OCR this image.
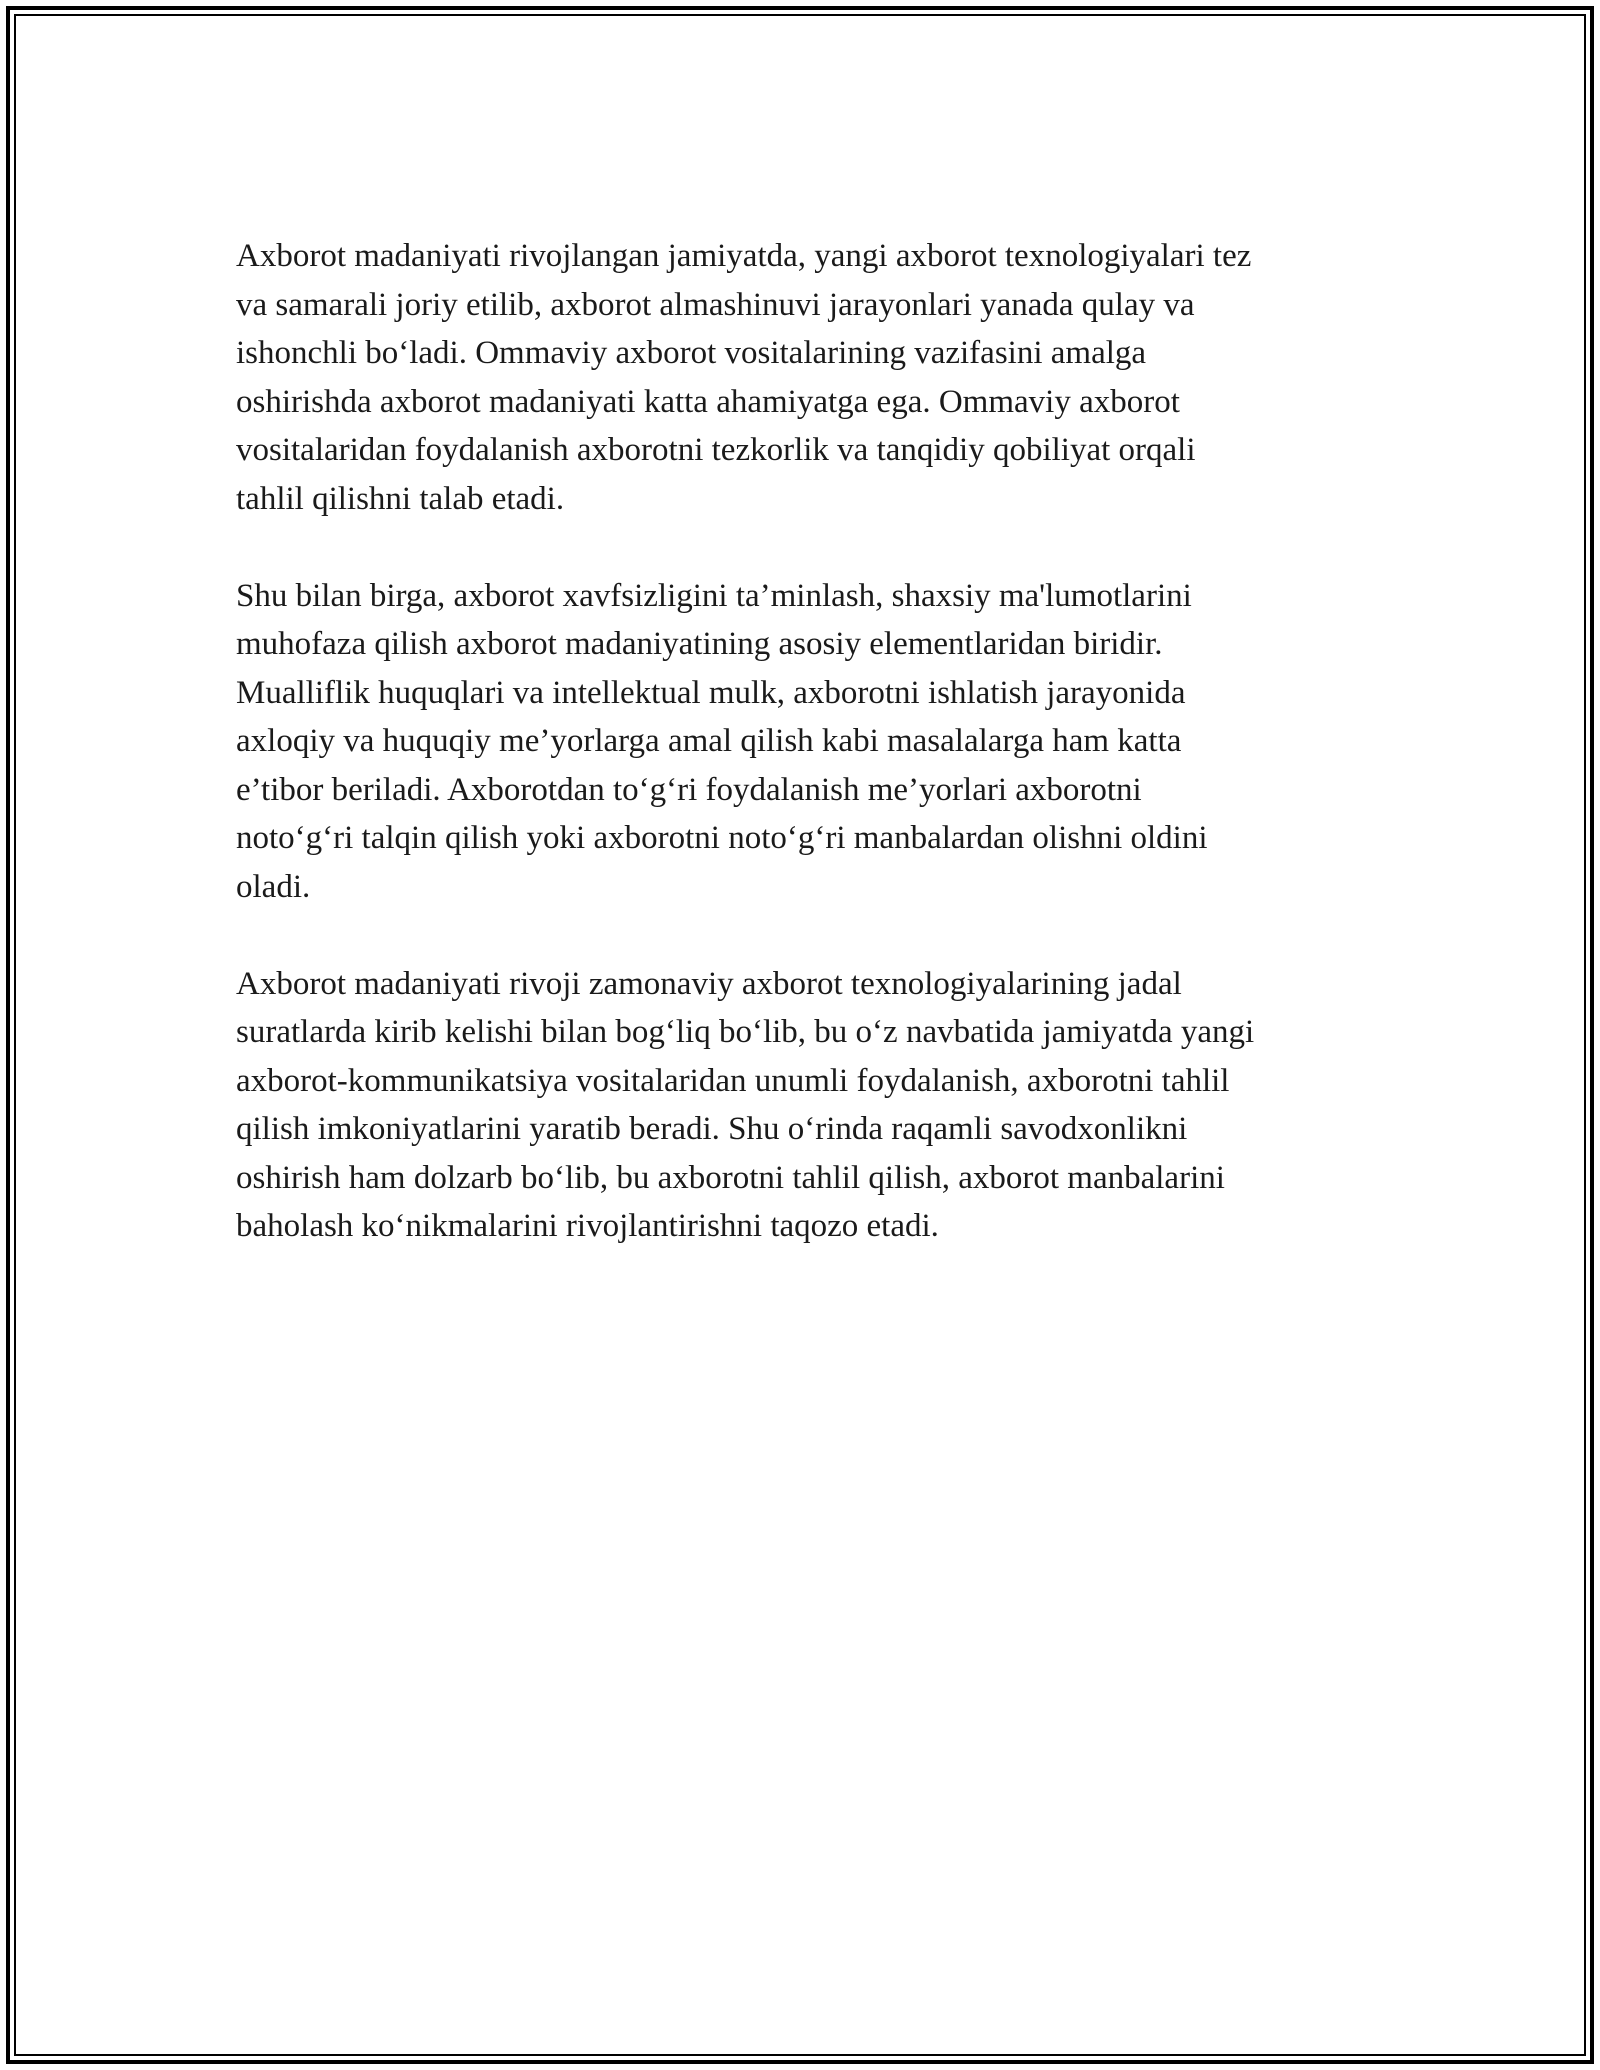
Axborot madaniyati rivojlangan jamiyatda, yangi axborot texnologiyalari tez
va samarali joriy etilib, axborot almashinuvi jarayonlari yanada qulay va
ishonchli bo‘ladi. Ommaviy axborot vositalarining vazifasini amalga
oshirishda axborot madaniyati katta ahamiyatga ega. Ommaviy axborot
vositalaridan foydalanish axborotni tezkorlik va tanqidiy qobiliyat orqali
tahlil qilishni talab etadi.

Shu bilan birga, axborot xavfsizligini ta’minlash, shaxsiy ma'lumotlarini
muhofaza qilish axborot madaniyatining asosiy elementlaridan biridir.
Mualliflik huquqlari va intellektual mulk, axborotni ishlatish jarayonida
axloqiy va huquqiy me’yorlarga amal qilish kabi masalalarga ham katta
e’tibor beriladi. Axborotdan to‘g‘ri foydalanish me’yorlari axborotni
noto‘g‘ri talqin qilish yoki axborotni noto‘g‘ri manbalardan olishni oldini
oladi.

Axborot madaniyati rivoji zamonaviy axborot texnologiyalarining jadal
suratlarda kirib kelishi bilan bog‘liq bo‘lib, bu o‘z navbatida jamiyatda yangi
axborot-kommunikatsiya vositalaridan unumli foydalanish, axborotni tahlil
qilish imkoniyatlarini yaratib beradi. Shu o‘rinda raqamli savodxonlikni
oshirish ham dolzarb bo‘lib, bu axborotni tahlil qilish, axborot manbalarini
baholash ko‘nikmalarini rivojlantirishni taqozo etadi.
